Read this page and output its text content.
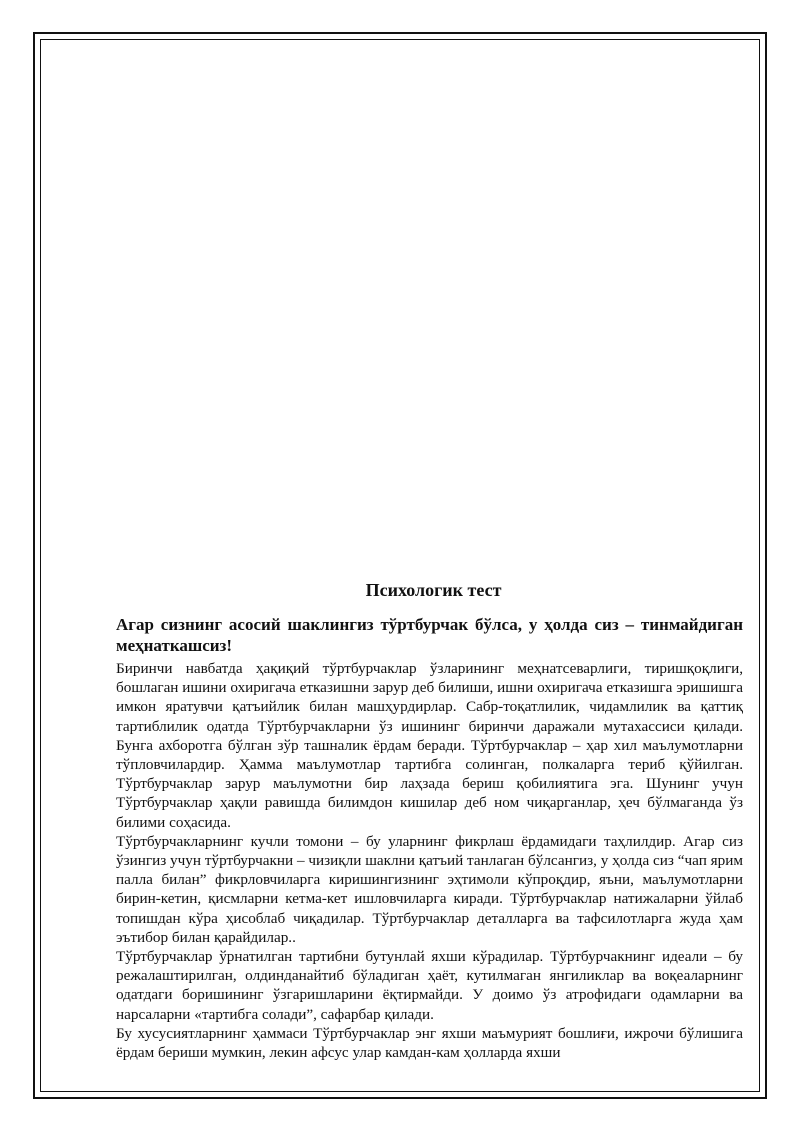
Психологик тест
Агар сизнинг асосий шаклингиз тўртбурчак бўлса, у ҳолда сиз – тинмайдиган меҳнаткашсиз!

Биринчи навбатда ҳақиқий тўртбурчаклар ўзларининг меҳнатсеварлиги, тиришқоқлиги, бошлаган ишини охиригача етказишни зарур деб билиши, ишни охиригача етказишга эришишга имкон яратувчи қатъийлик билан машҳурдирлар. Сабр-тоқатлилик, чидамлилик ва қаттиқ тартиблилик одатда Тўртбурчакларни ўз ишининг биринчи даражали мутахассиси қилади. Бунга ахборотга бўлган зўр ташналик ёрдам беради. Тўртбурчаклар – ҳар хил маълумотларни тўпловчилардир. Ҳамма маълумотлар тартибга солинган, полкаларга териб қўйилган. Тўртбурчаклар зарур маълумотни бир лаҳзада бериш қобилиятига эга. Шунинг учун Тўртбурчаклар ҳақли равишда билимдон кишилар деб ном чиқарганлар, ҳеч бўлмаганда ўз билими соҳасида.

Тўртбурчакларнинг кучли томони – бу уларнинг фикрлаш ёрдамидаги таҳлилдир. Агар сиз ўзингиз учун тўртбурчакни – чизиқли шаклни қатъий танлаган бўлсангиз, у ҳолда сиз “чап ярим палла билан” фикрловчиларга киришингизнинг эҳтимоли кўпроқдир, яъни, маълумотларни бирин-кетин, қисмларни кетма-кет ишловчиларга киради. Тўртбурчаклар натижаларни ўйлаб топишдан кўра ҳисоблаб чиқадилар. Тўртбурчаклар деталларга ва тафсилотларга жуда ҳам эътибор билан қарайдилар..

Тўртбурчаклар ўрнатилган тартибни бутунлай яхши кўрадилар. Тўртбурчакнинг идеали – бу режалаштирилган, олдинданайтиб бўладиган ҳаёт, кутилмаган янгиликлар ва воқеаларнинг одатдаги боришининг ўзгаришларини ёқтирмайди. У доимо ўз атрофидаги одамларни ва нарсаларни «тартибга солади”, сафарбар қилади.

Бу хусусиятларнинг ҳаммаси Тўртбурчаклар энг яхши маъмурият бошлиғи, ижрочи бўлишига ёрдам бериши мумкин, лекин афсус улар камдан-кам ҳолларда яхши
